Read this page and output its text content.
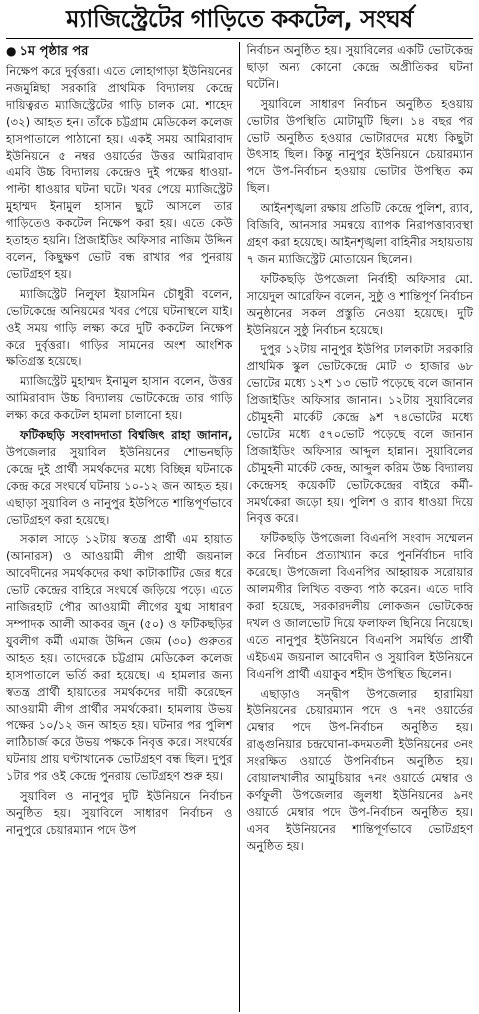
ম্যাজিস্ট্রেটের গাড়িতে ককটেল, সংঘর্ষ
● ১ম পৃষ্ঠার পর

নিক্ষেপ করে দুর্বৃত্তরা। এতে লোহাগাড়া ইউনিয়নের নজমুন্নিছা সরকারি প্রাথমিক বিদ্যালয় কেন্দ্রে দায়িত্বরত ম্যাজিস্ট্রেটের গাড়ি চালক মো. শাহেদ (৩২) আহত হন। তাঁকে চট্টগ্রাম মেডিকেল কলেজ হাসপাতালে পাঠানো হয়। একই সময় আমিরাবাদ ইউনিয়নে ৫ নম্বর ওয়ার্ডের উত্তর আমিরাবাদ এমবি উচ্চ বিদ্যালয় কেন্দ্রেও দুই পক্ষের ধাওয়া-পাল্টা ধাওয়ার ঘটনা ঘটে। খবর পেয়ে ম্যাজিস্ট্রেট মুহাম্মদ ইনামুল হাসান ছুটে আসলে তার গাড়িতেও ককটেল নিক্ষেপ করা হয়। এতে কেউ হতাহত হয়নি। প্রিজাইডিং অফিসার নাজিম উদ্দিন বলেন, কিছুক্ষণ ভোট বন্ধ রাখার পর পুনরায় ভোটগ্রহণ হয়।

ম্যাজিস্ট্রেট নিলুফা ইয়াসমিন চৌধুরী বলেন, ভোটকেন্দ্রে অনিয়মের খবর পেয়ে ঘটনাস্থলে যাই। ওই সময় গাড়ি লক্ষ্য করে দুটি ককটেল নিক্ষেপ করে দুর্বৃত্তরা। গাড়ির সামনের অংশ আংশিক ক্ষতিগ্রস্ত হয়েছে।

ম্যাজিস্ট্রেট মুহাম্মদ ইনামুল হাসান বলেন, উত্তর আমিরাবাদ উচ্চ বিদ্যালয় ভোটকেন্দ্রে তার গাড়ি লক্ষ্য করে ককটেল হামলা চালানো হয়।

ফটিকছড়ি সংবাদদাতা বিশ্বজিৎ রাহা জানান, উপজেলার সুয়াবিল ইউনিয়নের শোভনছড়ি কেন্দ্রে দুই প্রার্থী সমর্থকদের মধ্যে বিচ্ছিন্ন ঘটনাকে কেন্দ্র করে সংঘর্ষে ঘটনায় ১০-১২ জন আহত হয়। এছাড়া সুয়াবিল ও নানুপুর ইউপিতে শান্তিপূর্ণভাবে ভোটগ্রহণ করা হয়েছে।

সকাল সাড়ে ১২টায় স্বতন্ত্র প্রার্থী এম হায়াত (আনারস) ও আওয়ামী লীগ প্রার্থী জয়নাল আবেদীনের সমর্থকদের কথা কাটাকাটির জের ধরে ভোট কেন্দ্রের বাহিরে সংঘর্ষে জড়িয়ে পড়ে। এতে নাজিরহাট পৌর আওয়ামী লীগের যুগ্ম সাধারণ সম্পাদক আলী আকবর জুন (৫০) ও ফটিকছড়ির যুবলীগ কর্মী এমাজ উদ্দিন জেম (৩০) গুরুতর আহত হয়। তাদেরকে চট্টগ্রাম মেডিকেল কলেজ হাসপাতালে ভর্তি করা হয়েছে। এ হামলার জন্য স্বতন্ত্র প্রার্থী হায়াতের সমর্থকদের দায়ী করেছেন আওয়ামী লীগ প্রার্থীর সমর্থকেরা। হামলায় উভয় পক্ষের ১০/১২ জন আহত হয়। ঘটনার পর পুলিশ লাঠিচার্জ করে উভয় পক্ষকে নিবৃত্ত করে। সংঘর্ষের ঘটনায় প্রায় ঘণ্টাখানেক ভোটগ্রহণ বন্ধ ছিল। দুপুর ১টার পর ওই কেন্দ্রে পুনরায় ভোটগ্রহণ শুরু হয়।

সুয়াবিল ও নানুপুর দুটি ইউনিয়নে নির্বাচন অনুষ্ঠিত হয়। সুয়াবিলে সাধারণ নির্বাচন ও নানুপুরে চেয়ারম্যান পদে উপ

নির্বাচন অনুষ্ঠিত হয়। সুয়াবিলের একটি ভোটকেন্দ্র ছাড়া অন্য কোনো কেন্দ্রে অপ্রীতিকর ঘটনা ঘটেনি।

সুয়াবিলে সাধারণ নির্বাচন অনুষ্ঠিত হওয়ায় ভোটার উপস্থিতি মোটামুটি ছিল। ১৪ বছর পর ভোট অনুষ্ঠিত হওয়ার ভোটারদের মধ্যে কিছুটা উৎসাহ ছিল। কিন্তু নানুপুর ইউনিয়নে চেয়ারম্যান পদে উপ-নির্বাচন হওয়ায় ভোটার উপস্থিত কম ছিল।

আইনশৃঙ্খলা রক্ষায় প্রতিটি কেন্দ্রে পুলিশ, র‍্যাব, বিজিবি, আনসার সমন্বয়ে ব্যাপক নিরাপত্তাব্যবস্থা গ্রহণ করা হয়েছে। আইনশৃঙ্খলা বাহিনীর সহায়তায় ৭ জন ম্যাজিস্ট্রেট মোতায়েন ছিলেন।

ফটিকছড়ি উপজেলা নির্বাহী অফিসার মো. সায়েদুল আরেফিন বলেন, সুষ্ঠু ও শান্তিপূর্ণ নির্বাচন অনুষ্ঠানের সকল প্রস্তুতি নেওয়া হয়েছে। দুটি ইউনিয়নে সুষ্ঠু নির্বাচন হয়েছে।

দুপুর ১২টায় নানুপুর ইউপির ঢালকাটা সরকারি প্রাথমিক স্কুল ভোটকেন্দ্রে মোট ৩ হাজার ৬৮ ভোটের মধ্যে ১২শ ১৩ ভোট পড়েছে বলে জানান প্রিজাইডিং অফিসার জানান। ১২টায় সুয়াবিলের চৌমুহনী মার্কেট কেন্দ্রে ৯শ ৭৪ভোটের মধ্যে ভোটের মধ্যে ৫৭০ভোট পড়েছে বলে জানান প্রিজাইডিং অফিসার আব্দুল হান্নান। সুয়াবিলের চৌমুহনী মার্কেট কেন্দ্র, আব্দুল করিম উচ্চ বিদ্যালয় কেন্দ্রেসহ কয়েকটি ভোটকেন্দ্রের বাইরে কর্মী-সমর্থকেরা জড়ো হয়। পুলিশ ও র‍্যাব ধাওয়া দিয়ে নিবৃত্ত করে।

ফটিকছড়ি উপজেলা বিএনপি সংবাদ সম্মেলন করে নির্বাচন প্রত্যাখ্যান করে পুনর্নির্বাচন দাবি করেছে। উপজেলা বিএনপির আহ্বায়ক সরোয়ার আলমগীর লিখিত বক্তব্য পাঠ করেন। এতে দাবি করা হয়েছে, সরকারদলীয় লোকজন ভোটকেন্দ্র দখল ও জালভোট দিয়ে ফলাফল ছিনিয়ে নিয়েছে। এতে নানুপুর ইউনিয়নে বিএনপি সমর্থিত প্রার্থী এইচএম জয়নাল আবেদীন ও সুয়াবিল ইউনিয়নে বিএনপি প্রার্থী এয়াকুব শহীদ উপস্থিত ছিলেন।

এছাড়াও সন্দ্বীপ উপজেলার হারামিয়া ইউনিয়নের চেয়ারম্যান পদে ও ৭নং ওয়ার্ডের মেম্বার পদে উপ-নির্বাচন অনুষ্ঠিত হয়। রাঙ্গুনিয়ার চন্দ্রঘোনা-কদমতলী ইউনিয়নের ৩নং সংরক্ষিত ওয়ার্ডে উপনির্বাচন অনুষ্ঠিত হয়। বোয়ালখালীর আমুচিয়ার ৭নং ওয়ার্ডে মেম্বার ও কর্ণফুলী উপজেলার জুলধা ইউনিয়নের ৯নং ওয়ার্ডে মেম্বার পদে উপ-নির্বাচন অনুষ্ঠিত হয়। এসব ইউনিয়নের শান্তিপূর্ণভাবে ভোটগ্রহণ অনুষ্ঠিত হয়।
